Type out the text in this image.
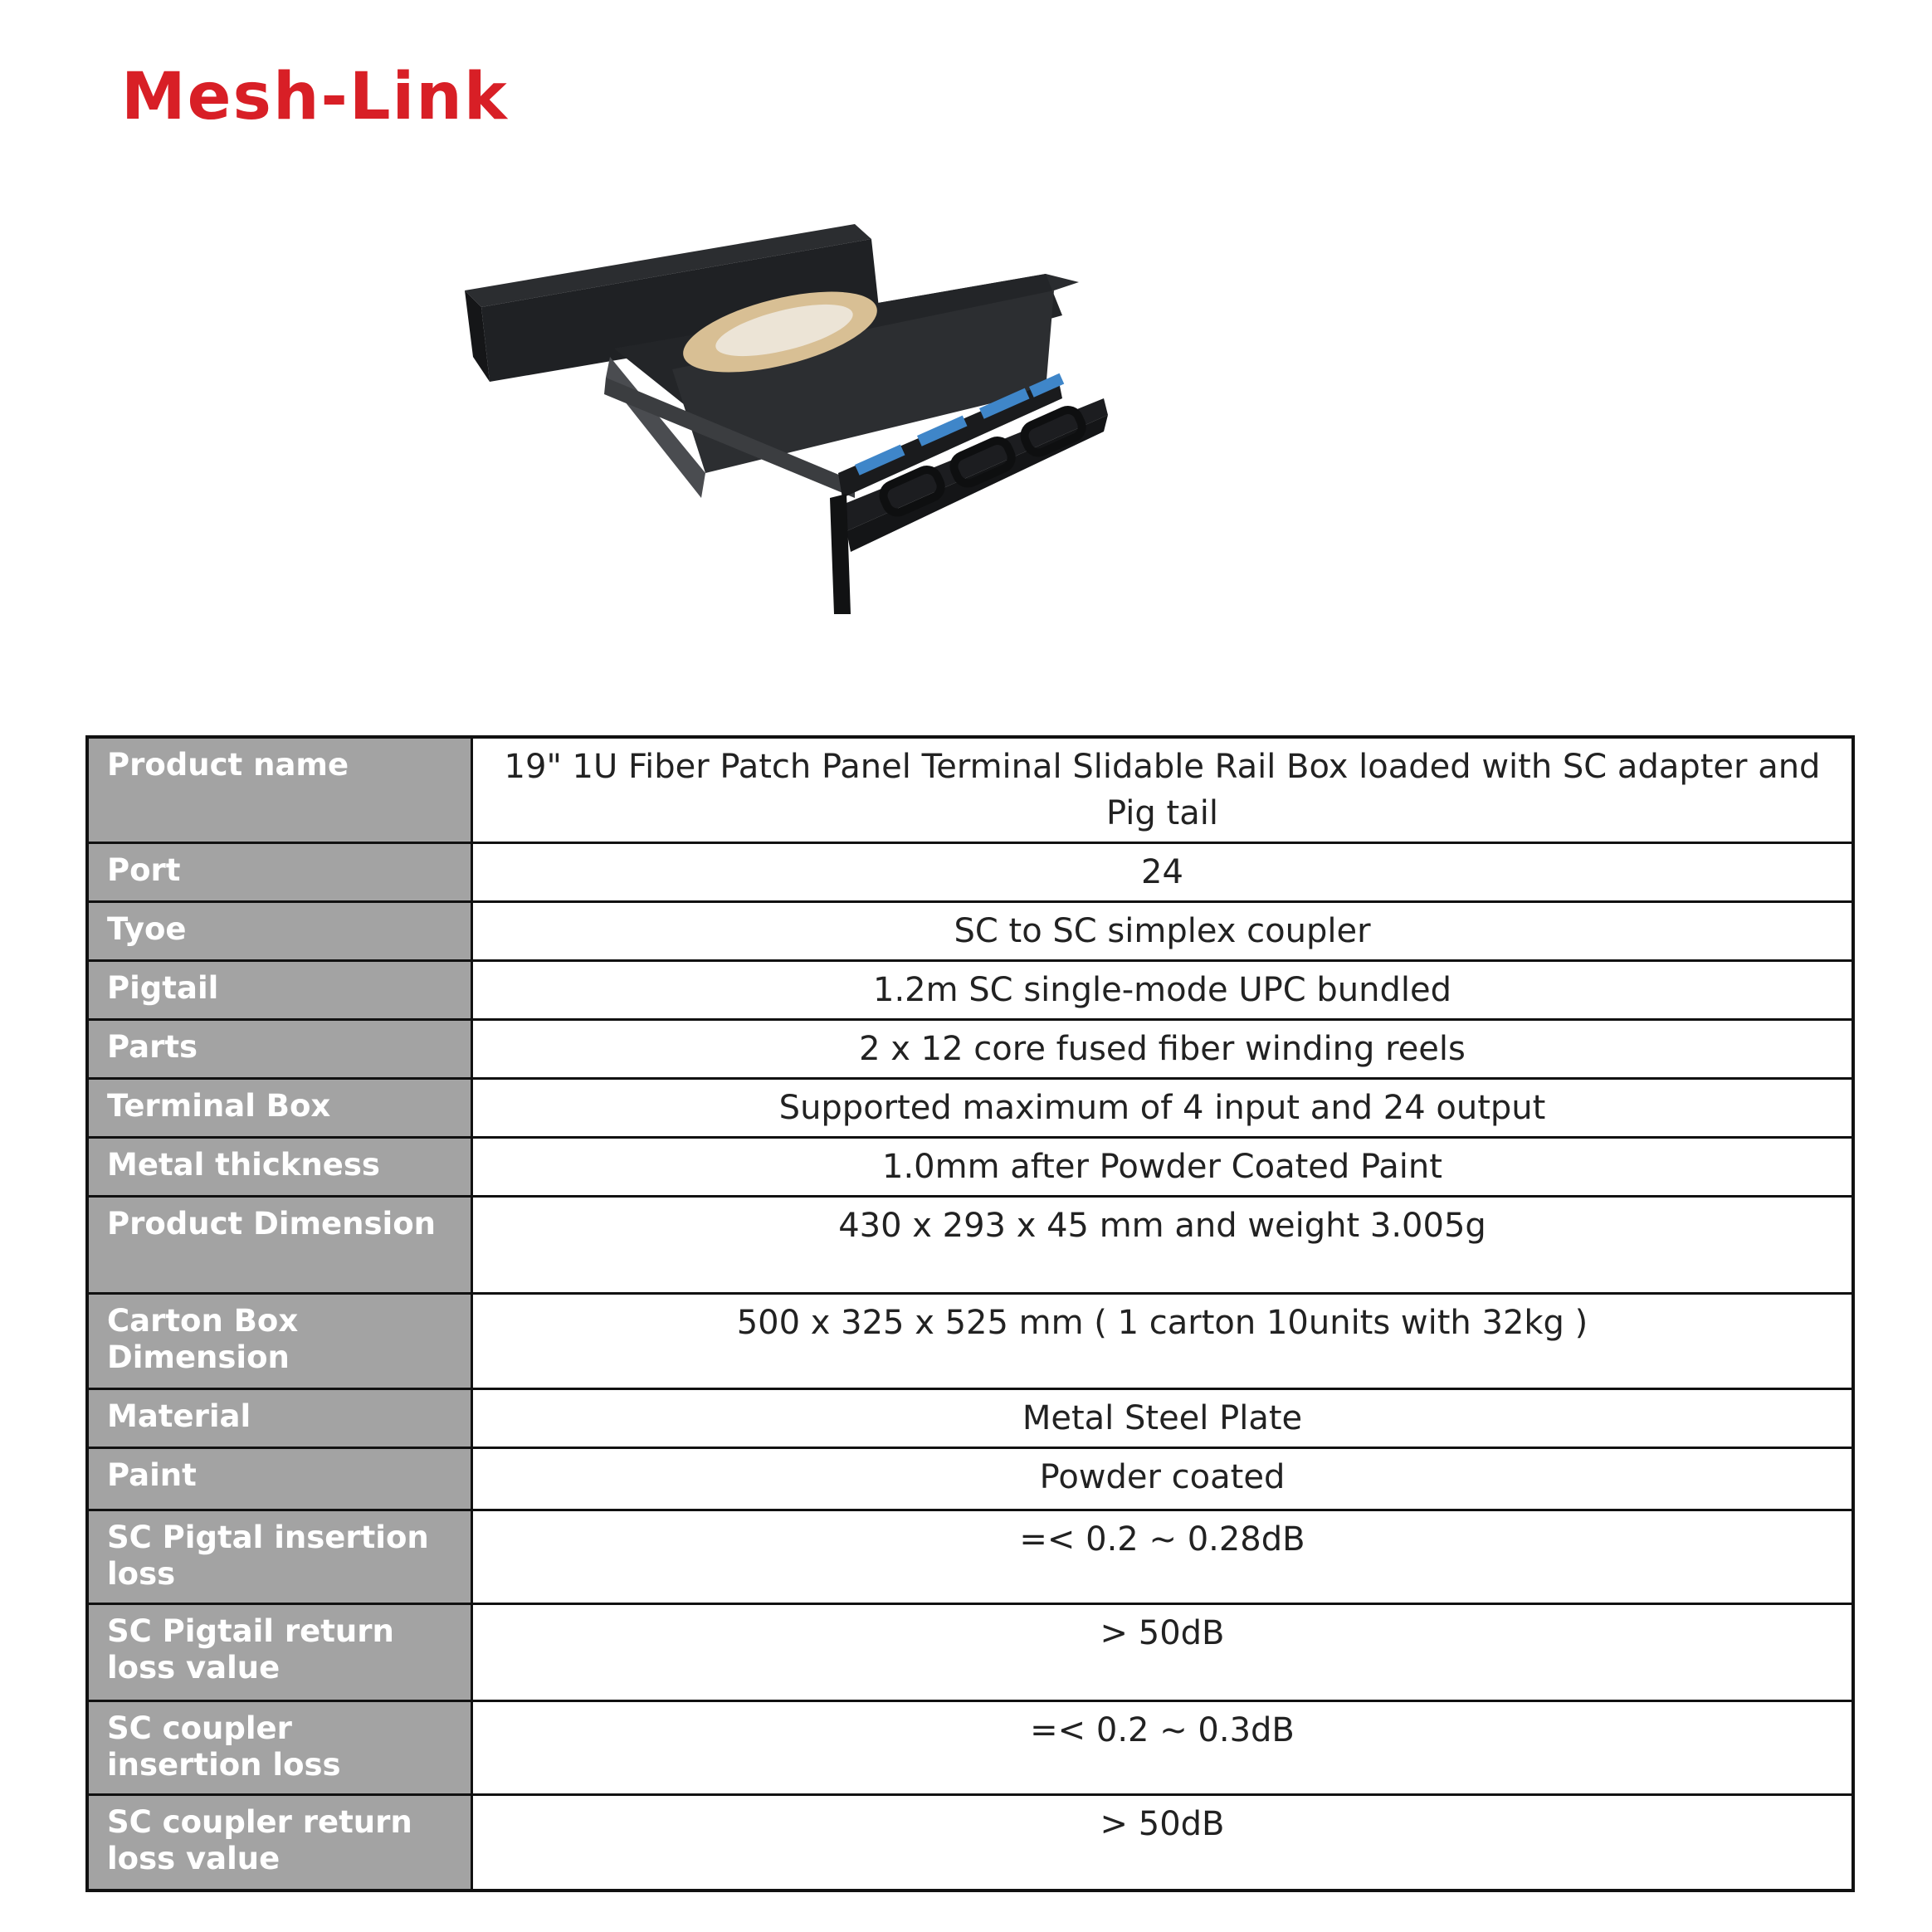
Mesh-Link
Product name	19" 1U Fiber Patch Panel Terminal Slidable Rail Box loaded with SC adapter and Pig tail
Port	24
Tyoe	SC to SC simplex coupler
Pigtail	1.2m SC single-mode UPC bundled
Parts	2 x 12 core fused fiber winding reels
Terminal Box	Supported maximum of 4 input and 24 output
Metal thickness	1.0mm after Powder Coated Paint
Product Dimension	430 x 293 x 45 mm and weight 3.005g
Carton Box Dimension	500 x 325 x 525 mm ( 1 carton 10units with 32kg )
Material	Metal Steel Plate
Paint	Powder coated
SC Pigtal insertion loss	=< 0.2 ~ 0.28dB
SC Pigtail return loss value	> 50dB
SC coupler insertion loss	=< 0.2 ~ 0.3dB
SC coupler return loss value	> 50dB
